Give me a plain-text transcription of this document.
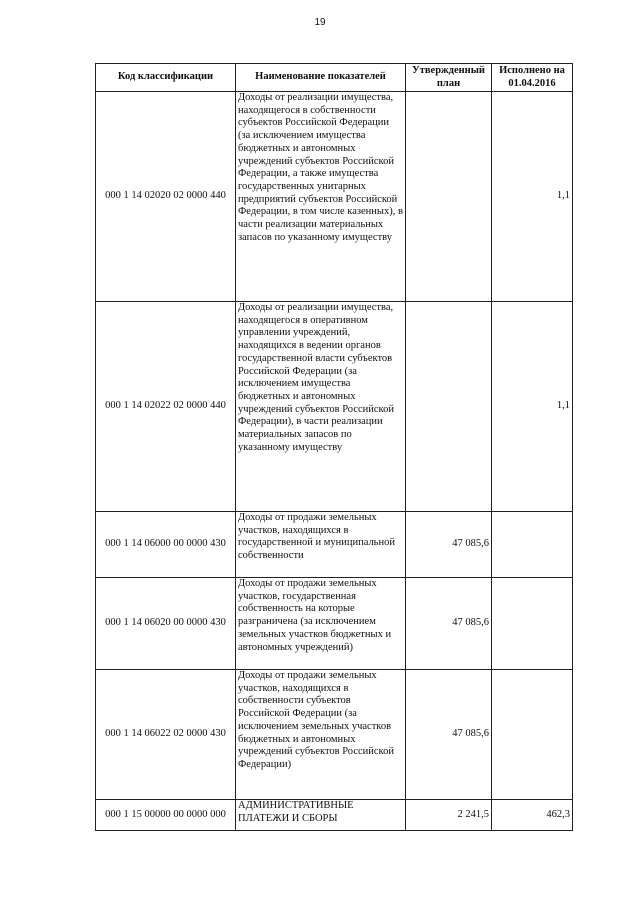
19
Код классификации	Наименование показателей	Утвержденный план	Исполнено на 01.04.2016
000 1 14 02020 02 0000 440	Доходы от реализации имущества, находящегося в собственности субъектов Российской Федерации (за исключением имущества бюджетных и автономных учреждений субъектов Российской Федерации, а также имущества государственных унитарных предприятий субъектов Российской Федерации, в том числе казенных), в части реализации материальных запасов по указанному имуществу		1,1
000 1 14 02022 02 0000 440	Доходы от реализации имущества, находящегося в оперативном управлении учреждений, находящихся в ведении органов государственной власти субъектов Российской Федерации (за исключением имущества бюджетных и автономных учреждений субъектов Российской Федерации), в части реализации материальных запасов по указанному имуществу		1,1
000 1 14 06000 00 0000 430	Доходы от продажи земельных участков, находящихся в государственной и муниципальной собственности	47 085,6	
000 1 14 06020 00 0000 430	Доходы от продажи земельных участков, государственная собственность на которые разграничена (за исключением земельных участков бюджетных и автономных учреждений)	47 085,6	
000 1 14 06022 02 0000 430	Доходы от продажи земельных участков, находящихся в собственности субъектов Российской Федерации (за исключением земельных участков бюджетных и автономных учреждений субъектов Российской Федерации)	47 085,6	
000 1 15 00000 00 0000 000	АДМИНИСТРАТИВНЫЕ ПЛАТЕЖИ И СБОРЫ	2 241,5	462,3
